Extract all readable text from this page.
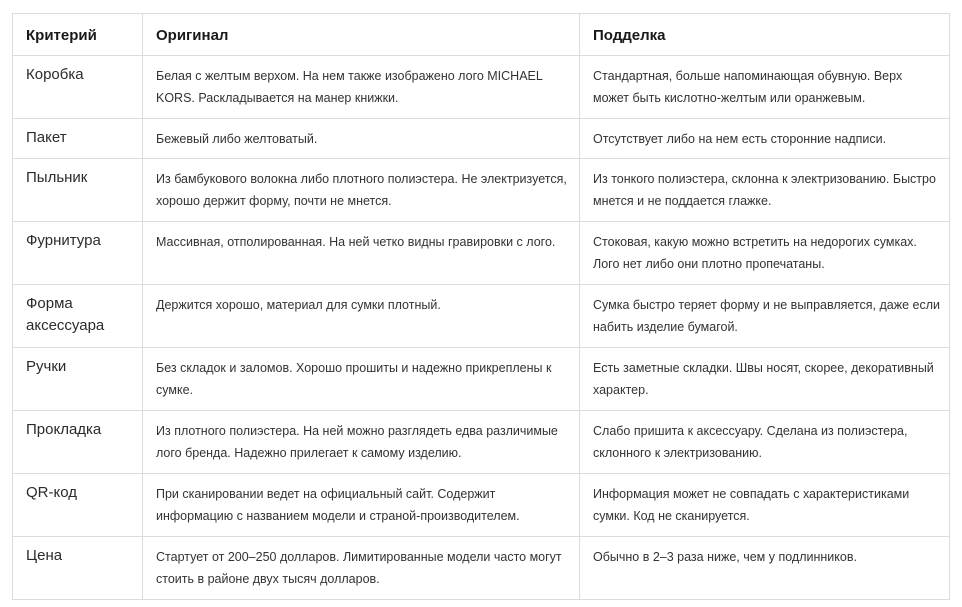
Критерий	Оригинал	Подделка
Коробка	Белая с желтым верхом. На нем также изображено лого MICHAEL KORS. Раскладывается на манер книжки.	Стандартная, больше напоминающая обувную. Верх может быть кислотно-желтым или оранжевым.
Пакет	Бежевый либо желтоватый.	Отсутствует либо на нем есть сторонние надписи.
Пыльник	Из бамбукового волокна либо плотного полиэстера. Не электризуется, хорошо держит форму, почти не мнется.	Из тонкого полиэстера, склонна к электризованию. Быстро мнется и не поддается глажке.
Фурнитура	Массивная, отполированная. На ней четко видны гравировки с лого.	Стоковая, какую можно встретить на недорогих сумках. Лого нет либо они плотно пропечатаны.
Форма аксессуара	Держится хорошо, материал для сумки плотный.	Сумка быстро теряет форму и не выправляется, даже если набить изделие бумагой.
Ручки	Без складок и заломов. Хорошо прошиты и надежно прикреплены к сумке.	Есть заметные складки. Швы носят, скорее, декоративный характер.
Прокладка	Из плотного полиэстера. На ней можно разглядеть едва различимые лого бренда. Надежно прилегает к самому изделию.	Слабо пришита к аксессуару. Сделана из полиэстера, склонного к электризованию.
QR-код	При сканировании ведет на официальный сайт. Содержит информацию с названием модели и страной-производителем.	Информация может не совпадать с характеристиками сумки. Код не сканируется.
Цена	Стартует от 200–250 долларов. Лимитированные модели часто могут стоить в районе двух тысяч долларов.	Обычно в 2–3 раза ниже, чем у подлинников.
